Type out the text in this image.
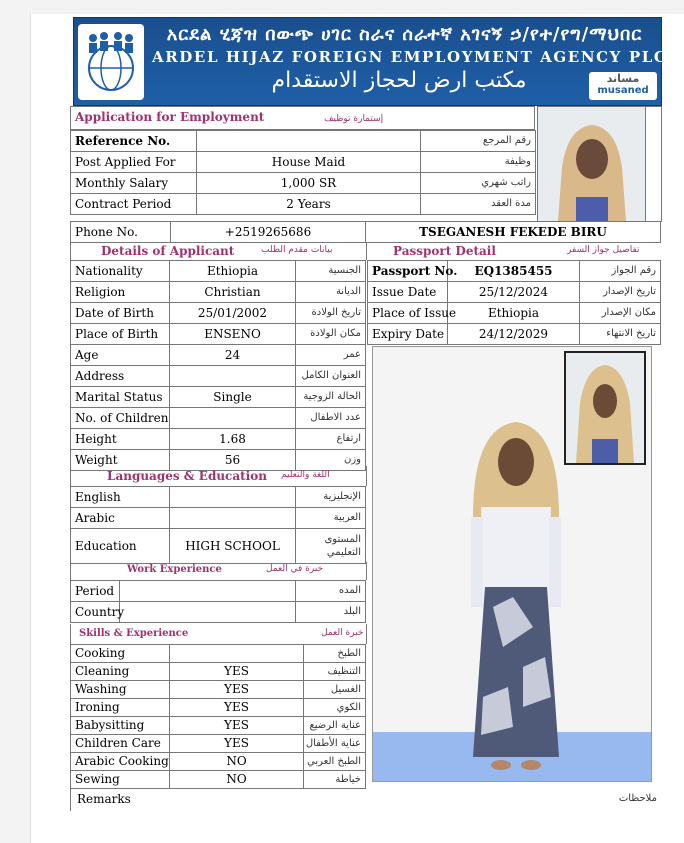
አርደል ሂጃዝ በውጭ ሀገር ስራና ሰራተኛ አገናኝ ኃ/የተ/የግ/ማህበር
ARDEL HIJAZ FOREIGN EMPLOYMENT AGENCY PLC
مكتب ارض لحجاز الاستقدام	مساند
musaned
Application for Employment	إستمارة توظيف
Reference No.		رقم المرجع
Post Applied For	House Maid	وظيفة
Monthly Salary	1,000 SR	راتب شهري
Contract Period	2 Years	مدة العقد
Phone No.	+2519265686	TSEGANESH FEKEDE BIRU
Details of Applicant	بيانات مقدم الطلب
Nationality	Ethiopia	الجنسية
Religion	Christian	الديانة
Date of Birth	25/01/2002	تاريخ الولادة
Place of Birth	ENSENO	مكان الولادة
Age	24	عمر
Address		العنوان الكامل
Marital Status	Single	الحالة الزوجية
No. of Children		عدد الاطفال
Height	1.68	ارتفاع
Weight	56	وزن
Passport Detail	تفاصيل جواز السفر
Passport No.	EQ1385455	رقم الجواز
Issue Date	25/12/2024	تاريخ الإصدار
Place of Issue	Ethiopia	مكان الإصدار
Expiry Date	24/12/2029	تاريخ الانتهاء
Languages & Education اللغة والتعليم
English		الإنجليزية
Arabic		العربية
Education	HIGH SCHOOL	المستوى التعليمي
Work Experience	خبرة في العمل
Period		المده
Country		البلد
Skills & Experience	خبرة العمل
Cooking		الطبخ
Cleaning	YES	التنظيف
Washing	YES	الغسيل
Ironing	YES	الكوي
Babysitting	YES	عناية الرضيع
Children Care	YES	عناية الأطفال
Arabic Cooking	NO	الطبخ العربي
Sewing	NO	خياطة
Remarks	ملاحظات
